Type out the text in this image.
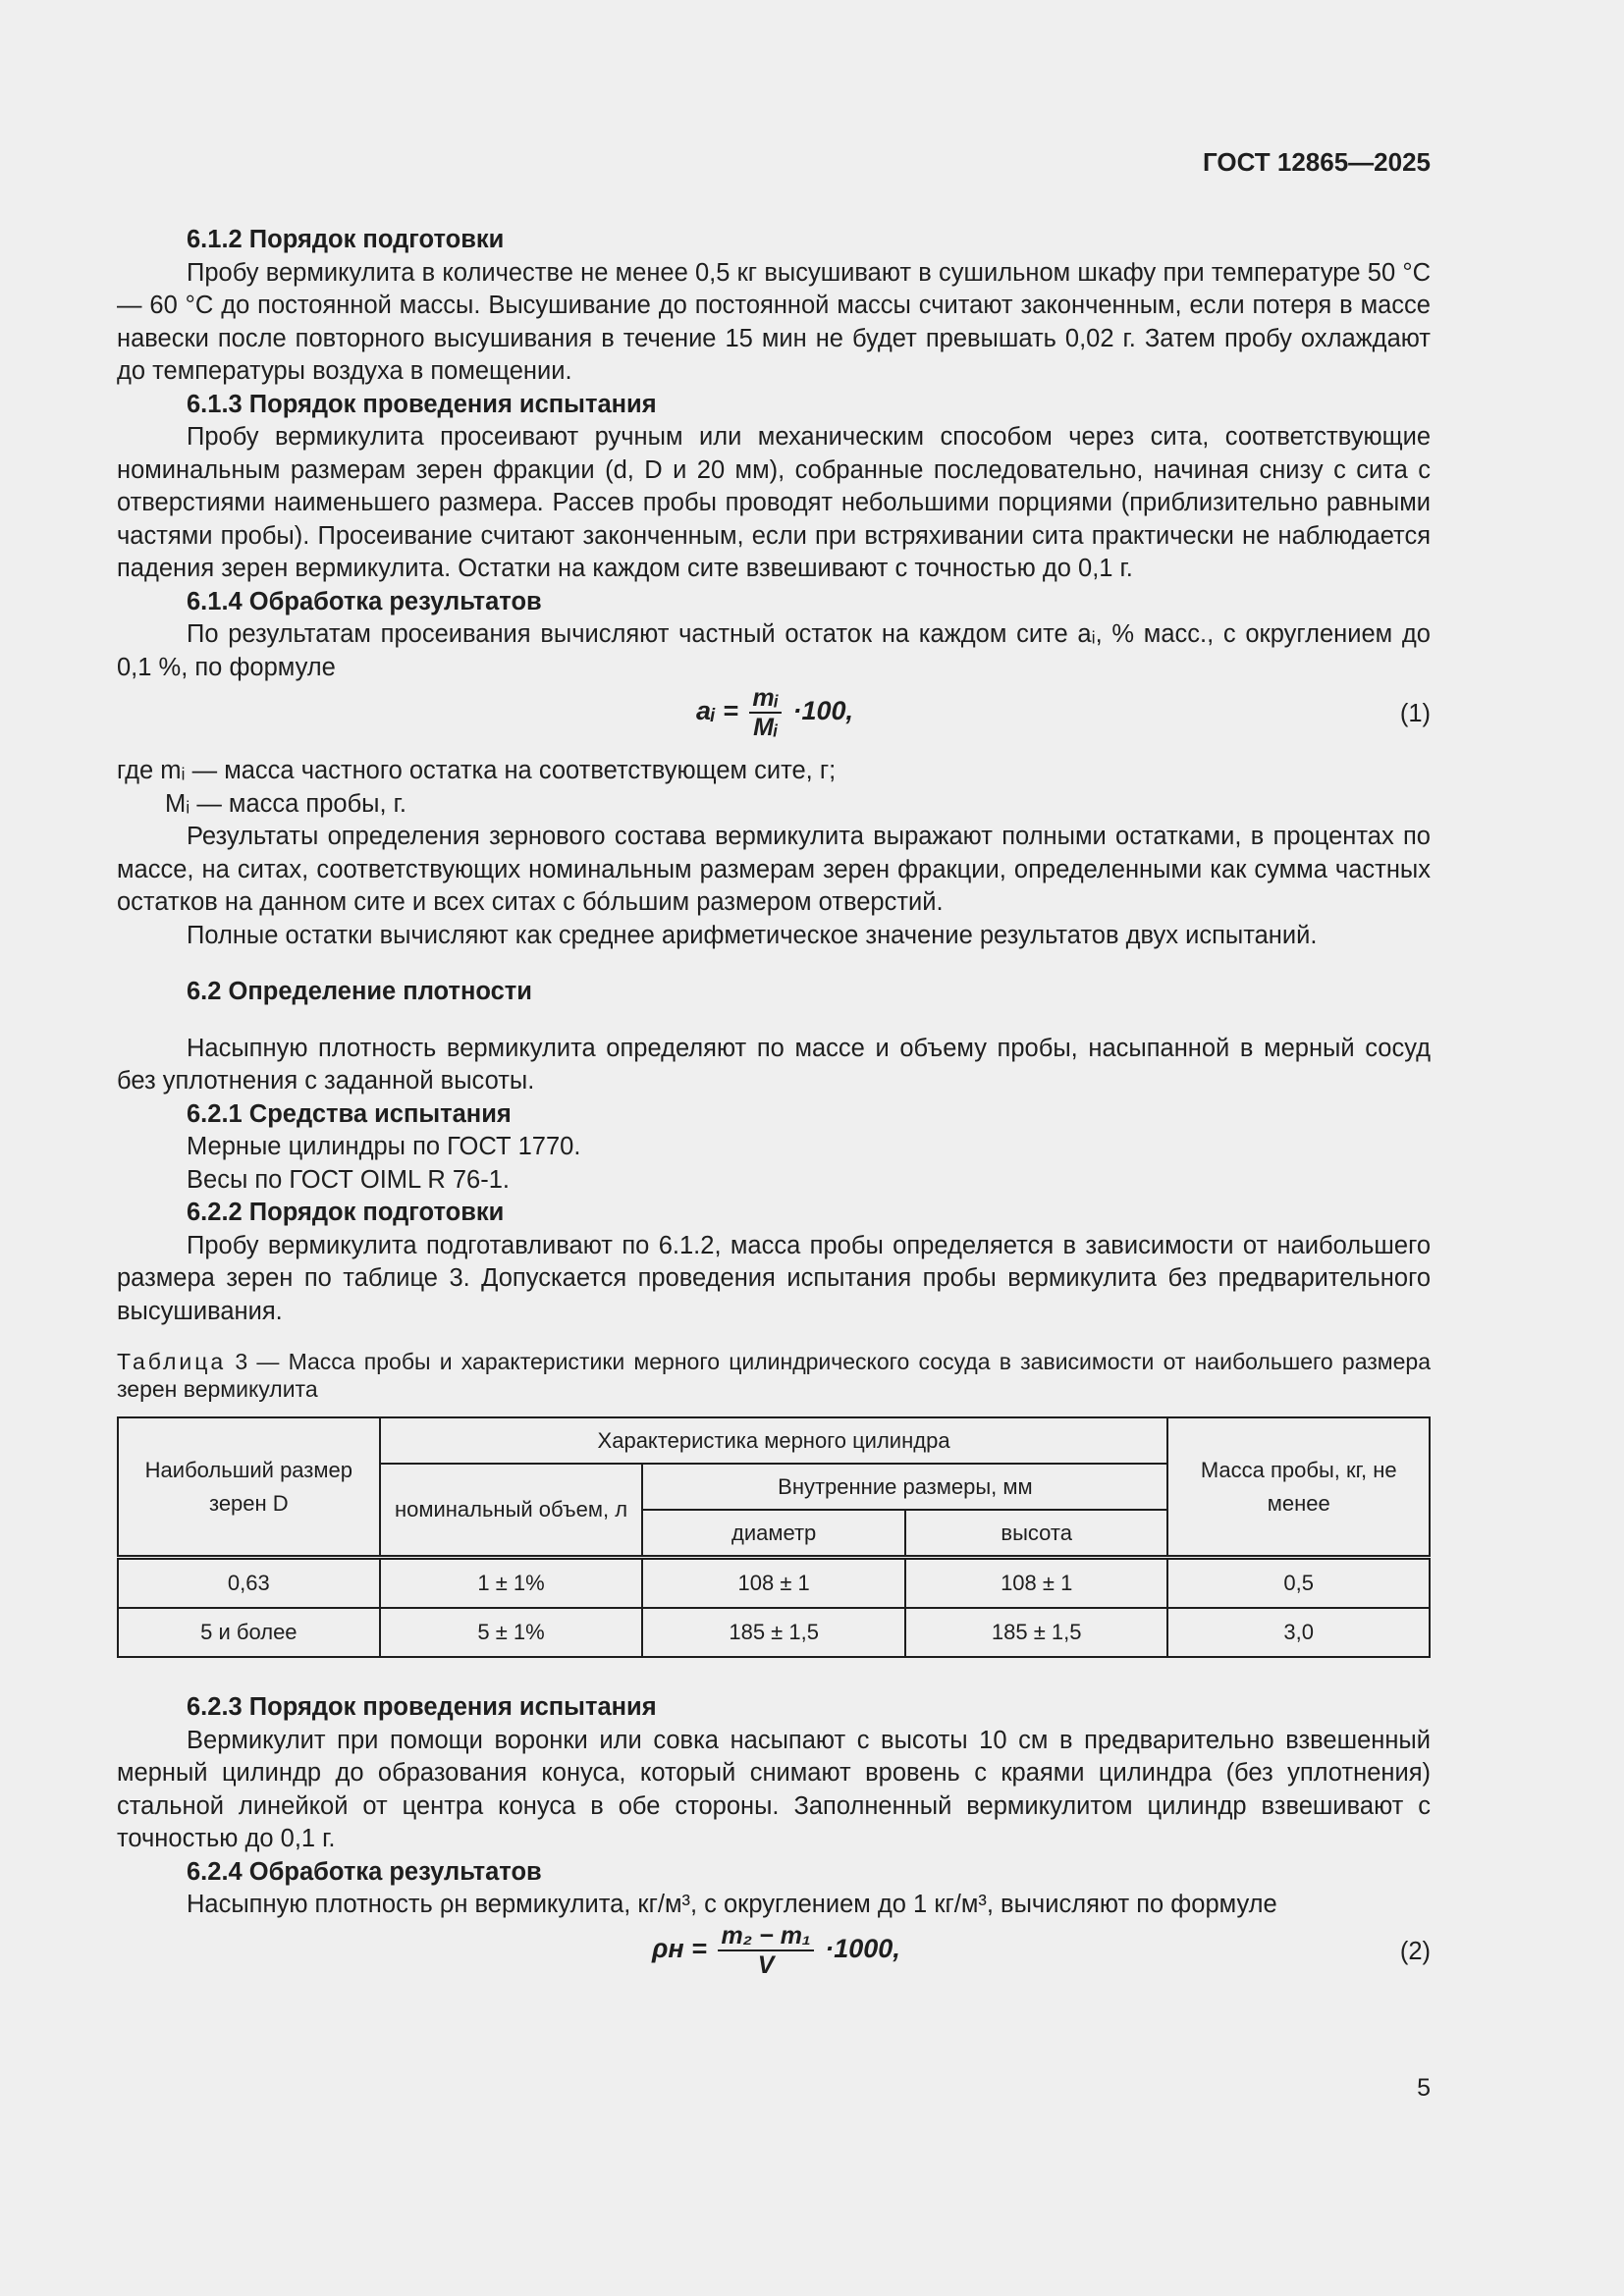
ГОСТ 12865—2025

6.1.2 Порядок подготовки

Пробу вермикулита в количестве не менее 0,5 кг высушивают в сушильном шкафу при температуре 50 °C — 60 °C до постоянной массы. Высушивание до постоянной массы считают законченным, если потеря в массе навески после повторного высушивания в течение 15 мин не будет превышать 0,02 г. Затем пробу охлаждают до температуры воздуха в помещении.

6.1.3 Порядок проведения испытания

Пробу вермикулита просеивают ручным или механическим способом через сита, соответствующие номинальным размерам зерен фракции (d, D и 20 мм), собранные последовательно, начиная снизу с сита с отверстиями наименьшего размера. Рассев пробы проводят небольшими порциями (приблизительно равными частями пробы). Просеивание считают законченным, если при встряхивании сита практически не наблюдается падения зерен вермикулита. Остатки на каждом сите взвешивают с точностью до 0,1 г.

6.1.4 Обработка результатов

По результатам просеивания вычисляют частный остаток на каждом сите aᵢ, % масс., с округлением до 0,1 %, по формуле

aᵢ = $\frac{\text{mᵢ}}{\text{Mᵢ}} \cdot 100$,	(1)

где mᵢ — масса частного остатка на соответствующем сите, г;

Mᵢ — масса пробы, г.

Результаты определения зернового состава вермикулита выражают полными остатками, в процентах по массе, на ситах, соответствующих номинальным размерам зерен фракции, определенными как сумма частных остатков на данном сите и всех ситах с бóльшим размером отверстий.

Полные остатки вычисляют как среднее арифметическое значение результатов двух испытаний.

6.2 Определение плотности

Насыпную плотность вермикулита определяют по массе и объему пробы, насыпанной в мерный сосуд без уплотнения с заданной высоты.

6.2.1 Средства испытания

Мерные цилиндры по ГОСТ 1770.

Весы по ГОСТ OIML R 76-1.

6.2.2 Порядок подготовки

Пробу вермикулита подготавливают по 6.1.2, масса пробы определяется в зависимости от наибольшего размера зерен по таблице 3. Допускается проведения испытания пробы вермикулита без предварительного высушивания.

Таблица 3 — Масса пробы и характеристики мерного цилиндрического сосуда в зависимости от наибольшего размера зерен вермикулита

Наибольший размер зерен D	Характеристика мерного цилиндра			Масса пробы, кг, не менее
	номинальный объем, л	Внутренние размеры, мм		
		диаметр	высота	
0,63	1 ± 1%	108 ± 1	108 ± 1	0,5
5 и более	5 ± 1%	185 ± 1,5	185 ± 1,5	3,0

6.2.3 Порядок проведения испытания

Вермикулит при помощи воронки или совка насыпают с высоты 10 см в предварительно взвешенный мерный цилиндр до образования конуса, который снимают вровень с краями цилиндра (без уплотнения) стальной линейкой от центра конуса в обе стороны. Заполненный вермикулитом цилиндр взвешивают с точностью до 0,1 г.

6.2.4 Обработка результатов

Насыпную плотность ρн вермикулита, кг/м³, с округлением до 1 кг/м³, вычисляют по формуле

$\rho н = \frac{\text{m₂ − m₁}}{V} \cdot 1000$,	(2)
5
